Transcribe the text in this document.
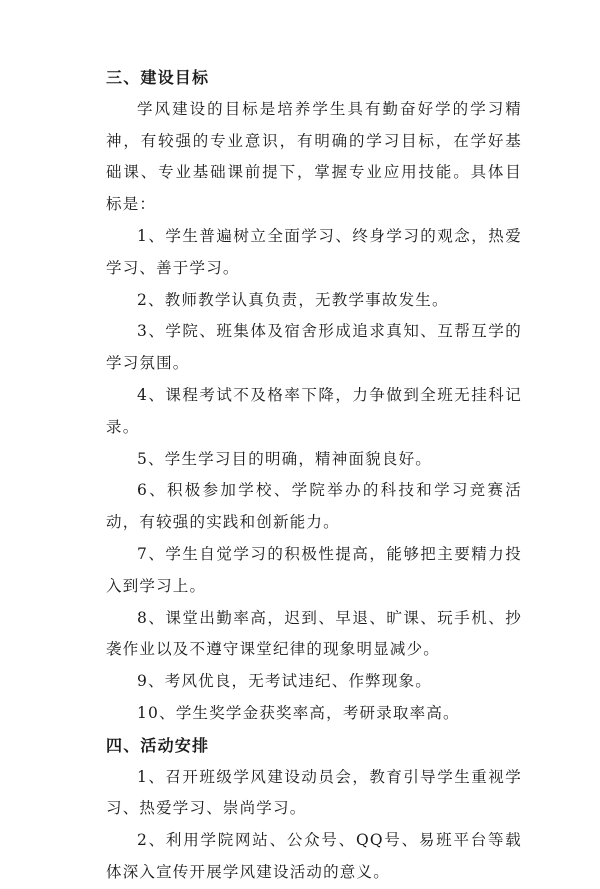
三、建设目标

学风建设的目标是培养学生具有勤奋好学的学习精神，有较强的专业意识，有明确的学习目标，在学好基础课、专业基础课前提下，掌握专业应用技能。具体目标是：

1、学生普遍树立全面学习、终身学习的观念，热爱学习、善于学习。

2、教师教学认真负责，无教学事故发生。

3、学院、班集体及宿舍形成追求真知、互帮互学的学习氛围。

4、课程考试不及格率下降，力争做到全班无挂科记录。

5、学生学习目的明确，精神面貌良好。

6、积极参加学校、学院举办的科技和学习竞赛活动，有较强的实践和创新能力。

7、学生自觉学习的积极性提高，能够把主要精力投入到学习上。

8、课堂出勤率高，迟到、早退、旷课、玩手机、抄袭作业以及不遵守课堂纪律的现象明显减少。

9、考风优良，无考试违纪、作弊现象。

10、学生奖学金获奖率高，考研录取率高。

四、活动安排

1、召开班级学风建设动员会，教育引导学生重视学习、热爱学习、崇尚学习。

2、利用学院网站、公众号、QQ号、易班平台等载体深入宣传开展学风建设活动的意义。
